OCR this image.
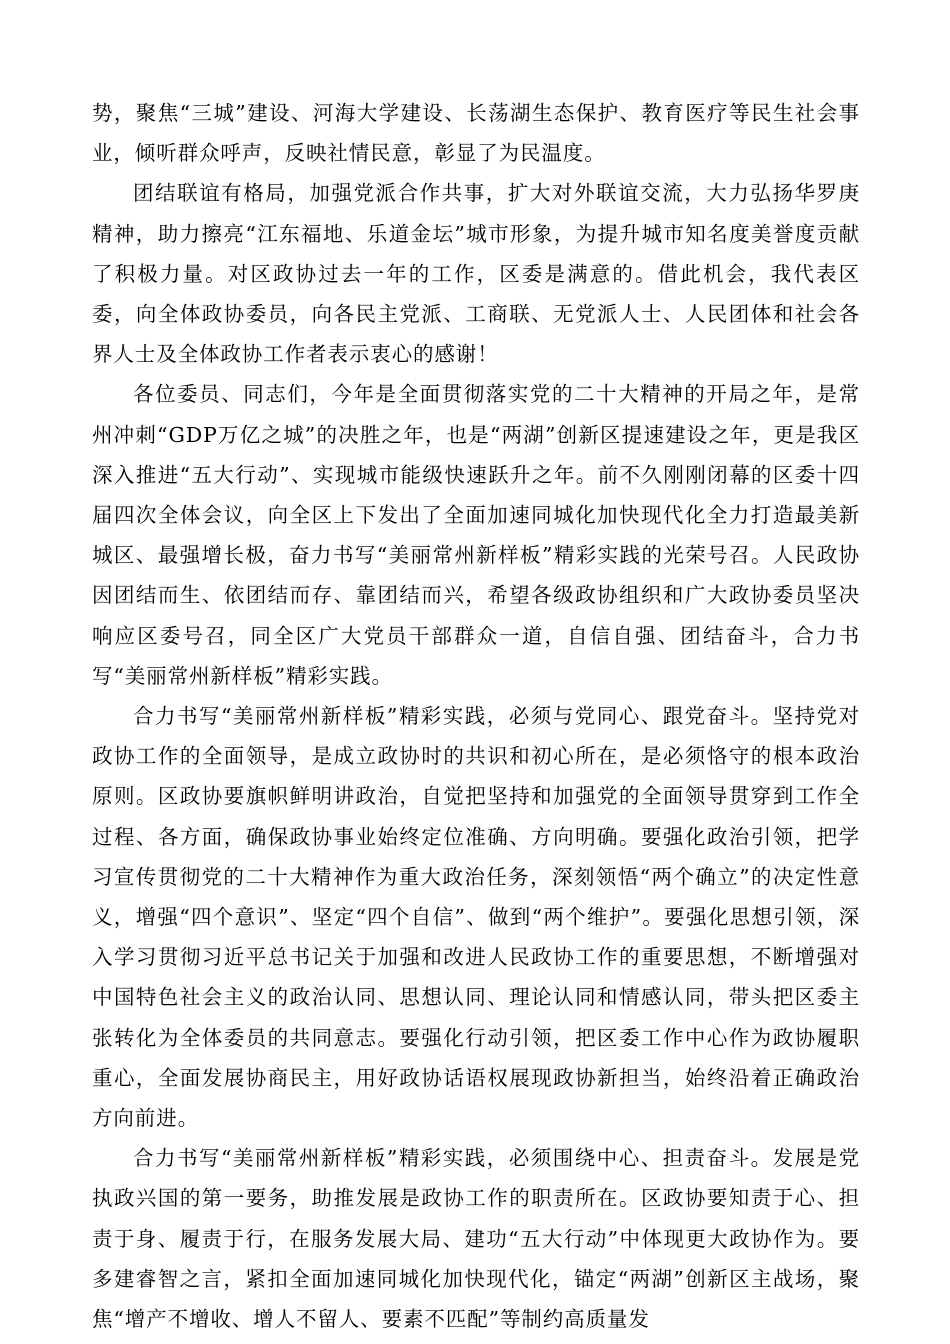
势，聚焦“三城”建设、河海大学建设、长荡湖生态保护、教育医疗等民生社会事业，倾听群众呼声，反映社情民意，彰显了为民温度。

团结联谊有格局，加强党派合作共事，扩大对外联谊交流，大力弘扬华罗庚精神，助力擦亮“江东福地、乐道金坛”城市形象，为提升城市知名度美誉度贡献了积极力量。对区政协过去一年的工作，区委是满意的。借此机会，我代表区委，向全体政协委员，向各民主党派、工商联、无党派人士、人民团体和社会各界人士及全体政协工作者表示衷心的感谢！

各位委员、同志们，今年是全面贯彻落实党的二十大精神的开局之年，是常州冲刺“GDP万亿之城”的决胜之年，也是“两湖”创新区提速建设之年，更是我区深入推进“五大行动”、实现城市能级快速跃升之年。前不久刚刚闭幕的区委十四届四次全体会议，向全区上下发出了全面加速同城化加快现代化全力打造最美新城区、最强增长极，奋力书写“美丽常州新样板”精彩实践的光荣号召。人民政协因团结而生、依团结而存、靠团结而兴，希望各级政协组织和广大政协委员坚决响应区委号召，同全区广大党员干部群众一道，自信自强、团结奋斗，合力书写“美丽常州新样板”精彩实践。

合力书写“美丽常州新样板”精彩实践，必须与党同心、跟党奋斗。坚持党对政协工作的全面领导，是成立政协时的共识和初心所在，是必须恪守的根本政治原则。区政协要旗帜鲜明讲政治，自觉把坚持和加强党的全面领导贯穿到工作全过程、各方面，确保政协事业始终定位准确、方向明确。要强化政治引领，把学习宣传贯彻党的二十大精神作为重大政治任务，深刻领悟“两个确立”的决定性意义，增强“四个意识”、坚定“四个自信”、做到“两个维护”。要强化思想引领，深入学习贯彻习近平总书记关于加强和改进人民政协工作的重要思想，不断增强对中国特色社会主义的政治认同、思想认同、理论认同和情感认同，带头把区委主张转化为全体委员的共同意志。要强化行动引领，把区委工作中心作为政协履职重心，全面发展协商民主，用好政协话语权展现政协新担当，始终沿着正确政治方向前进。

合力书写“美丽常州新样板”精彩实践，必须围绕中心、担责奋斗。发展是党执政兴国的第一要务，助推发展是政协工作的职责所在。区政协要知责于心、担责于身、履责于行，在服务发展大局、建功“五大行动”中体现更大政协作为。要多建睿智之言，紧扣全面加速同城化加快现代化，锚定“两湖”创新区主战场，聚焦“增产不增收、增人不留人、要素不匹配”等制约高质量发
